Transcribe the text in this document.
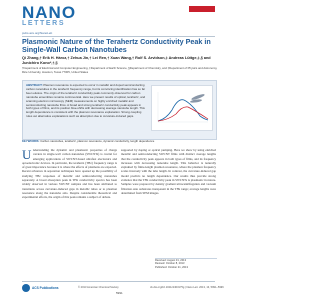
NANO
LETTERS
pubs.acs.org/NanoLett
Plasmonic Nature of the Terahertz Conductivity Peak in Single-Wall Carbon Nanotubes
Qi Zhang,† Erik H. Hároz,† Zehua Jin,† Lei Ren,† Xuan Wang,† Rolf S. Arvidson,‡ Andreas Lüttge,‡,§ and Junichiro Kono*,†,§
†Department of Electrical and Computer Engineering, ‡Department of Earth Science, §Department of Chemistry, and ‡Department of Physics and Astronomy, Rice University, Houston, Texas 77005, United States
ABSTRACT: Plasmon resonance is expected to occur in metallic and doped semiconducting carbon nanotubes in the terahertz frequency range, but its convincing identification has so far been elusive. The origin of the terahertz conductivity peak commonly observed for carbon nanotube ensembles remains controversial. Here we present results of optical, terahertz, and scanning electron microscopy (SEM) measurements on highly enriched metallic and semiconducting nanotube films. A broad and strong terahertz conductivity peak appears in both types of films, and its position blue-shifts with decreasing average nanotube length. This length dependence is consistent with the plasmon resonance explanation. Strong coupling rules out alternative explanations such as absorption due to curvature-induced gaps.
KEYWORDS: Carbon nanotubes, terahertz, plasmon resonance, dynamic conductivity, length dependence

Understanding the dynamic and plasmonic properties of charge carriers in single-wall carbon nanotubes (SWCNTs) is crucial for emerging applications of SWCNT-based ultrafast electronics and optoelectronic devices. In particular, the terahertz (THz) frequency range is of great importance because it is where the effects of plasmons are expected. Recent advances in separation techniques have opened up the possibility of studying THz responses of metallic and semiconducting nanotubes separately. A broad absorption peak in THz conductivity spectra has been widely observed in various SWCNT samples and has been attributed to transitions across curvature-induced gaps in metallic tubes or to plasmon resonance along the nanotube axis. Despite considerable theoretical and experimental efforts, the origin of this peak remains a subject of debate.

supported by doping or optical pumping. Here we show by using enriched metallic and semiconducting SWCNT films with distinct average lengths that the conductivity peak appears in both types of films, and its frequency increases with decreasing nanotube length. This behavior is naturally explained by finite-length plasmon resonance, where the plasmon frequency scales inversely with the tube length. In contrast, the curvature-induced gap model predicts no length dependence. Our results thus provide strong evidence that the THz conductivity peak in SWCNTs is plasmonic in nature. Samples were prepared by density gradient ultracentrifugation and vacuum filtration onto substrates transparent in the THz range; average lengths were determined from SEM images.

Received: August 31, 2013
Revised: October 8, 2013
Published: October 21, 2013
ACS Publications	© 2013 American Chemical Society
5991
dx.doi.org/10.1021/nl403175g | Nano Lett. 2013, 13, 5991–5996
